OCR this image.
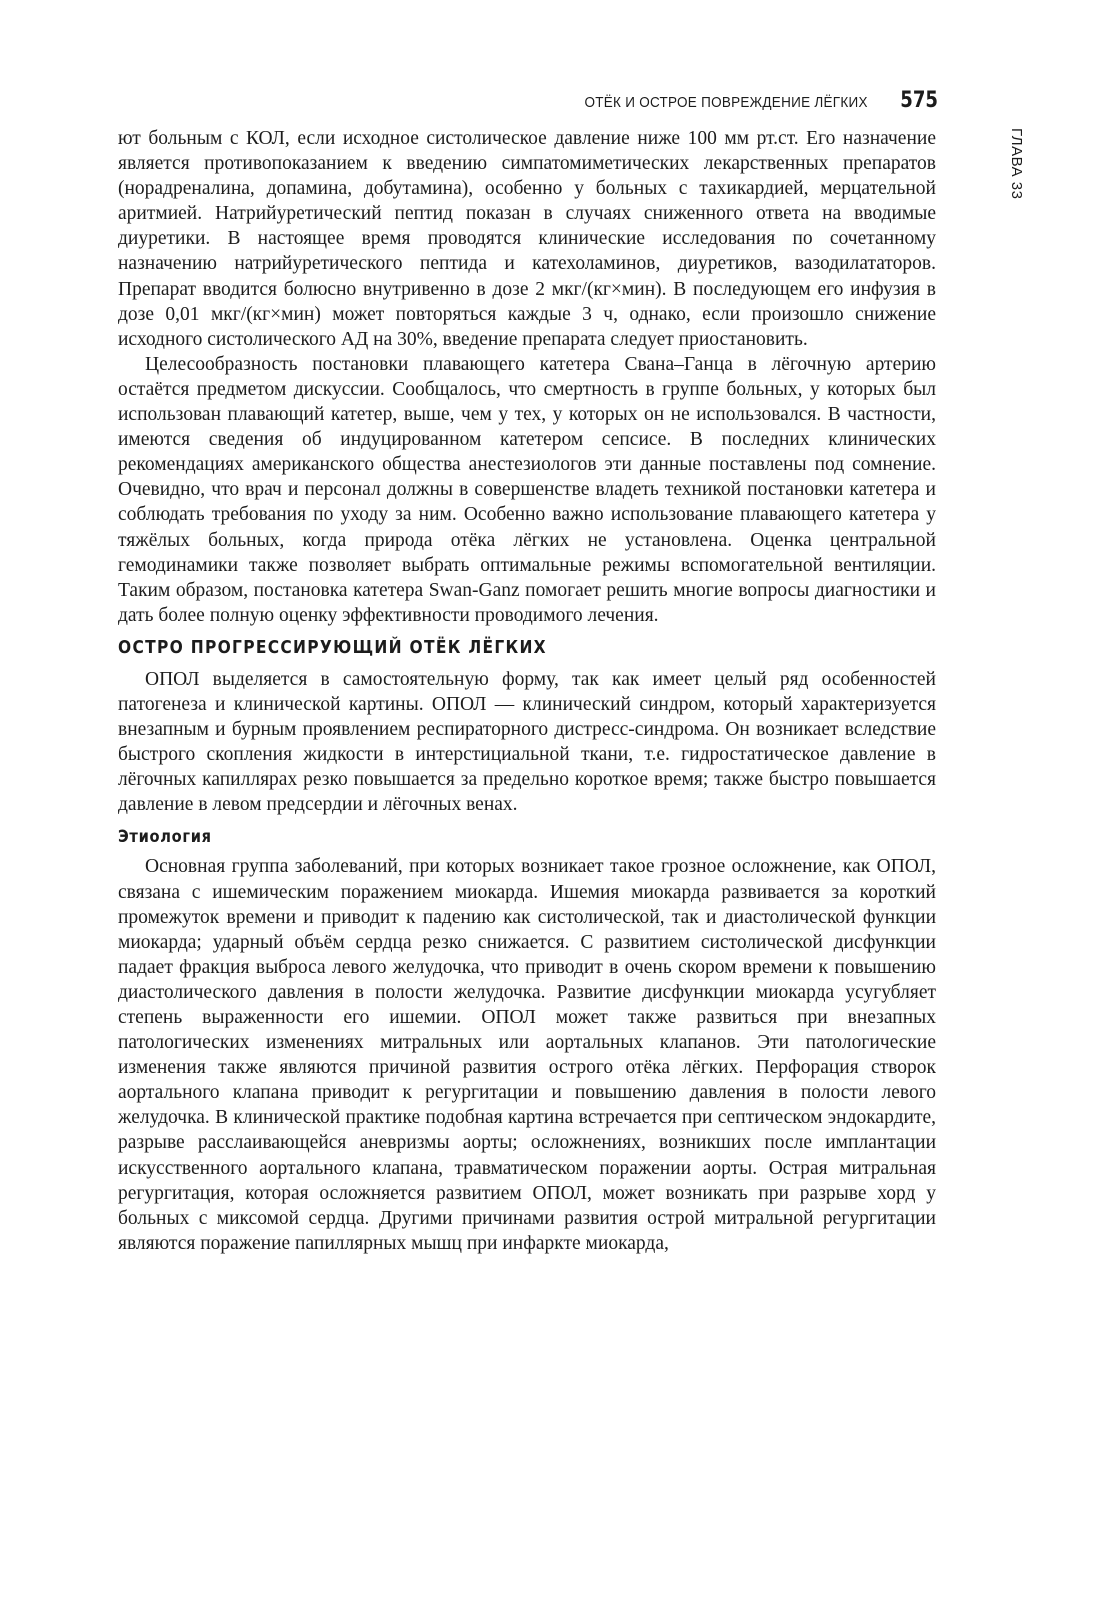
ОТЁК И ОСТРОЕ ПОВРЕЖДЕНИЕ ЛЁГКИХ 575
ГЛАВА 33

ют больным с КОЛ, если исходное систолическое давление ниже 100 мм рт.ст. Его назначение является противопоказанием к введению симпатомиметических лекарственных препаратов (норадреналина, допамина, добутамина), особенно у больных с тахикардией, мерцательной аритмией. Натрийуретический пептид показан в случаях сниженного ответа на вводимые диуретики. В настоящее время проводятся клинические исследования по сочетанному назначению натрийуретического пептида и катехоламинов, диуретиков, вазодилататоров. Препарат вводится болюсно внутривенно в дозе 2 мкг/(кг×мин). В последующем его инфузия в дозе 0,01 мкг/(кг×мин) может повторяться каждые 3 ч, однако, если произошло снижение исходного систолического АД на 30%, введение препарата следует приостановить.

Целесообразность постановки плавающего катетера Свана–Ганца в лёгочную артерию остаётся предметом дискуссии. Сообщалось, что смертность в группе больных, у которых был использован плавающий катетер, выше, чем у тех, у которых он не использовался. В частности, имеются сведения об индуцированном катетером сепсисе. В последних клинических рекомендациях американского общества анестезиологов эти данные поставлены под сомнение. Очевидно, что врач и персонал должны в совершенстве владеть техникой постановки катетера и соблюдать требования по уходу за ним. Особенно важно использование плавающего катетера у тяжёлых больных, когда природа отёка лёгких не установлена. Оценка центральной гемодинамики также позволяет выбрать оптимальные режимы вспомогательной вентиляции. Таким образом, постановка катетера Swan-Ganz помогает решить многие вопросы диагностики и дать более полную оценку эффективности проводимого лечения.

ОСТРО ПРОГРЕССИРУЮЩИЙ ОТЁК ЛЁГКИХ

ОПОЛ выделяется в самостоятельную форму, так как имеет целый ряд особенностей патогенеза и клинической картины. ОПОЛ — клинический синдром, который характеризуется внезапным и бурным проявлением респираторного дистресс-синдрома. Он возникает вследствие быстрого скопления жидкости в интерстициальной ткани, т.е. гидростатическое давление в лёгочных капиллярах резко повышается за предельно короткое время; также быстро повышается давление в левом предсердии и лёгочных венах.

Этиология

Основная группа заболеваний, при которых возникает такое грозное осложнение, как ОПОЛ, связана с ишемическим поражением миокарда. Ишемия миокарда развивается за короткий промежуток времени и приводит к падению как систолической, так и диастолической функции миокарда; ударный объём сердца резко снижается. С развитием систолической дисфункции падает фракция выброса левого желудочка, что приводит в очень скором времени к повышению диастолического давления в полости желудочка. Развитие дисфункции миокарда усугубляет степень выраженности его ишемии. ОПОЛ может также развиться при внезапных патологических изменениях митральных или аортальных клапанов. Эти патологические изменения также являются причиной развития острого отёка лёгких. Перфорация створок аортального клапана приводит к регургитации и повышению давления в полости левого желудочка. В клинической практике подобная картина встречается при септическом эндокардите, разрыве расслаивающейся аневризмы аорты; осложнениях, возникших после имплантации искусственного аортального клапана, травматическом поражении аорты. Острая митральная регургитация, которая осложняется развитием ОПОЛ, может возникать при разрыве хорд у больных с миксомой сердца. Другими причинами развития острой митральной регургитации являются поражение папиллярных мышц при инфаркте миокарда,
